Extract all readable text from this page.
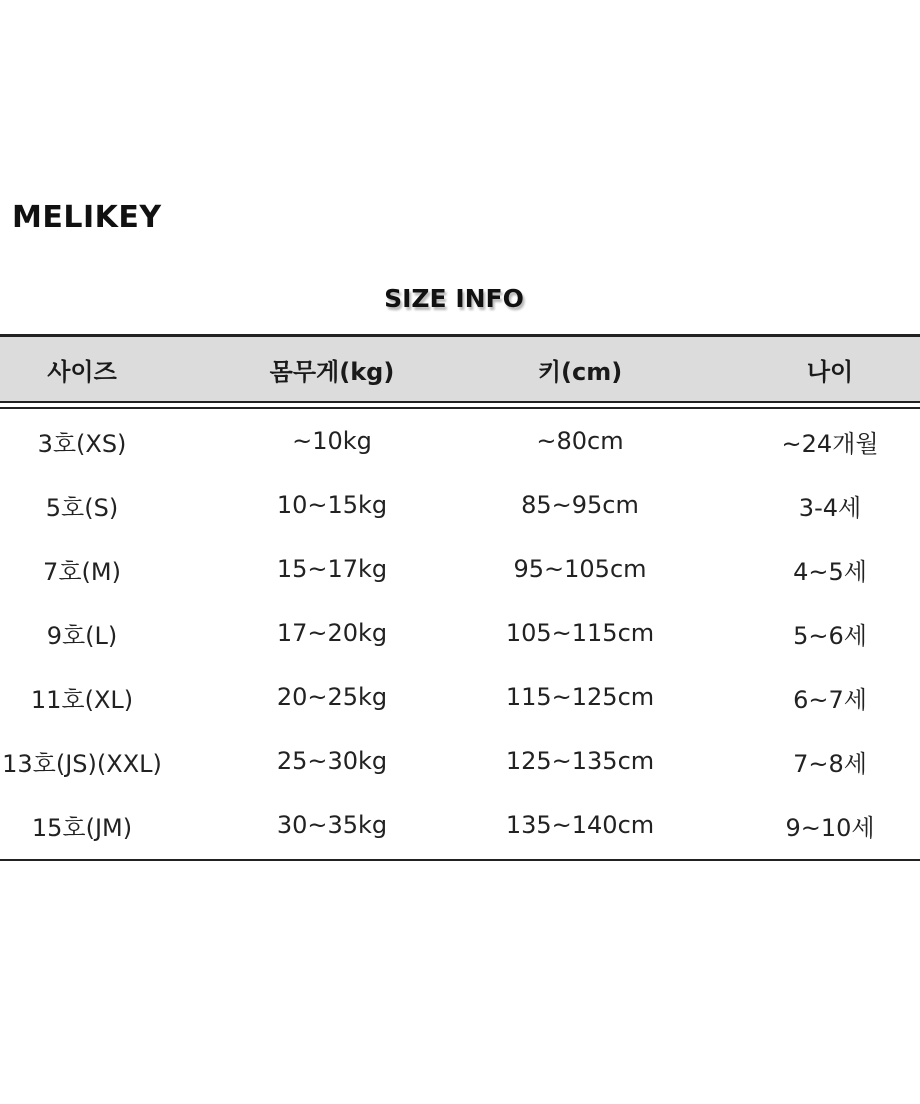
MELIKEY
SIZE INFO
사이즈	몸무게(kg)	키(cm)	나이
3호(XS)	~10kg	~80cm	~24개월
5호(S)	10~15kg	85~95cm	3-4세
7호(M)	15~17kg	95~105cm	4~5세
9호(L)	17~20kg	105~115cm	5~6세
11호(XL)	20~25kg	115~125cm	6~7세
13호(JS)(XXL)	25~30kg	125~135cm	7~8세
15호(JM)	30~35kg	135~140cm	9~10세
